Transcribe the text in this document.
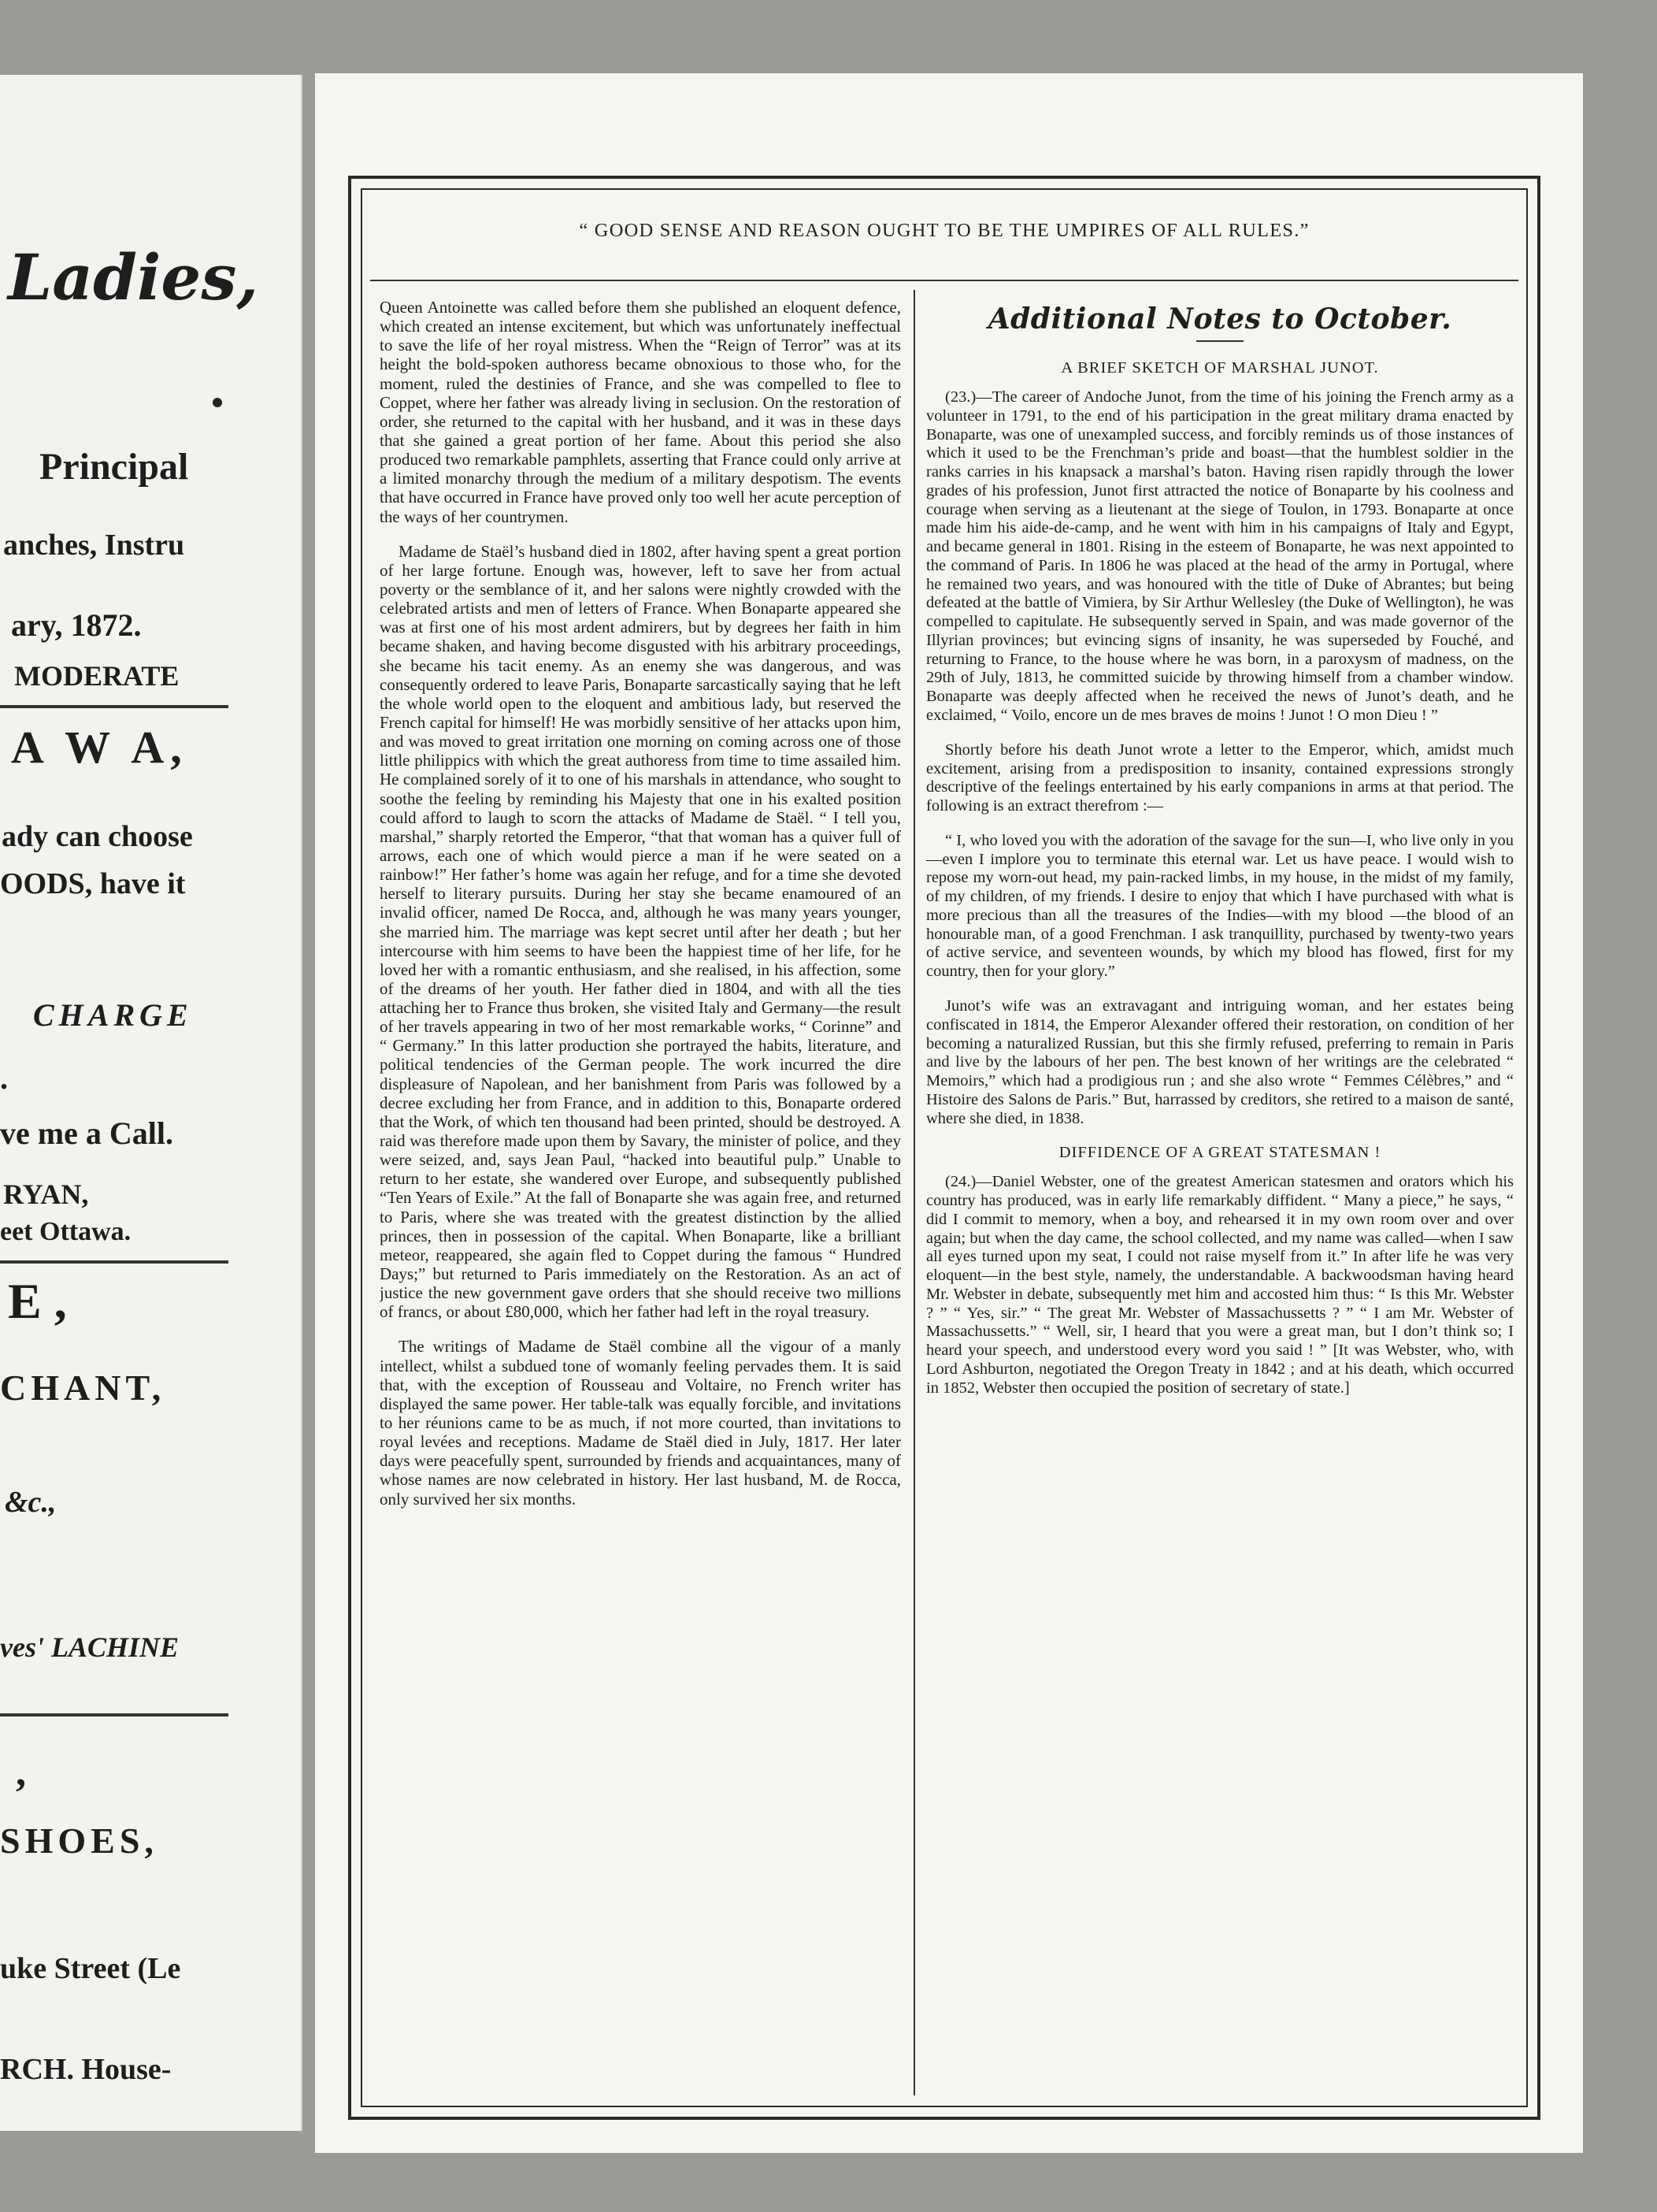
Ladies,
Principal
anches, Instru
ary, 1872.
MODERATE
A W A,
ady can choose
OODS, have it
CHARGE
.
ve me a Call.
RYAN,
eet Ottawa.
E ,
CHANT,
&c.,
ves' LACHINE
,
SHOES,
uke Street (Le
RCH. House-
“ GOOD SENSE AND REASON OUGHT TO BE THE UMPIRES OF ALL RULES.”

Queen Antoinette was called before them she published an eloquent defence, which created an intense excitement, but which was unfortunately ineffectual to save the life of her royal mistress. When the “Reign of Terror” was at its height the bold-spoken authoress became obnoxious to those who, for the moment, ruled the destinies of France, and she was compelled to flee to Coppet, where her father was already living in seclusion. On the restoration of order, she returned to the capital with her husband, and it was in these days that she gained a great portion of her fame. About this period she also produced two remarkable pamphlets, asserting that France could only arrive at a limited monarchy through the medium of a military despotism. The events that have occurred in France have proved only too well her acute perception of the ways of her countrymen.

Madame de Staël’s husband died in 1802, after having spent a great portion of her large fortune. Enough was, however, left to save her from actual poverty or the semblance of it, and her salons were nightly crowded with the celebrated artists and men of letters of France. When Bonaparte appeared she was at first one of his most ardent admirers, but by degrees her faith in him became shaken, and having become disgusted with his arbitrary proceedings, she became his tacit enemy. As an enemy she was dangerous, and was consequently ordered to leave Paris, Bonaparte sarcastically saying that he left the whole world open to the eloquent and ambitious lady, but reserved the French capital for himself! He was morbidly sensitive of her attacks upon him, and was moved to great irritation one morning on coming across one of those little philippics with which the great authoress from time to time assailed him. He complained sorely of it to one of his marshals in attendance, who sought to soothe the feeling by reminding his Majesty that one in his exalted position could afford to laugh to scorn the attacks of Madame de Staël. “ I tell you, marshal,” sharply retorted the Emperor, “that that woman has a quiver full of arrows, each one of which would pierce a man if he were seated on a rainbow!” Her father’s home was again her refuge, and for a time she devoted herself to literary pursuits. During her stay she became enamoured of an invalid officer, named De Rocca, and, although he was many years younger, she married him. The marriage was kept secret until after her death ; but her intercourse with him seems to have been the happiest time of her life, for he loved her with a romantic enthusiasm, and she realised, in his affection, some of the dreams of her youth. Her father died in 1804, and with all the ties attaching her to France thus broken, she visited Italy and Germany—the result of her travels appearing in two of her most remarkable works, “ Corinne” and “ Germany.” In this latter production she portrayed the habits, literature, and political tendencies of the German people. The work incurred the dire displeasure of Napolean, and her banishment from Paris was followed by a decree excluding her from France, and in addition to this, Bonaparte ordered that the Work, of which ten thousand had been printed, should be destroyed. A raid was therefore made upon them by Savary, the minister of police, and they were seized, and, says Jean Paul, “hacked into beautiful pulp.” Unable to return to her estate, she wandered over Europe, and subsequently published “Ten Years of Exile.” At the fall of Bonaparte she was again free, and returned to Paris, where she was treated with the greatest distinction by the allied princes, then in possession of the capital. When Bonaparte, like a brilliant meteor, reappeared, she again fled to Coppet during the famous “ Hundred Days;” but returned to Paris immediately on the Restoration. As an act of justice the new government gave orders that she should receive two millions of francs, or about £80,000, which her father had left in the royal treasury.

The writings of Madame de Staël combine all the vigour of a manly intellect, whilst a subdued tone of womanly feeling pervades them. It is said that, with the exception of Rousseau and Voltaire, no French writer has displayed the same power. Her table-talk was equally forcible, and invitations to her réunions came to be as much, if not more courted, than invitations to royal levées and receptions. Madame de Staël died in July, 1817. Her later days were peacefully spent, surrounded by friends and acquaintances, many of whose names are now celebrated in history. Her last husband, M. de Rocca, only survived her six months.

Additional Notes to October.
A BRIEF SKETCH OF MARSHAL JUNOT.

(23.)—The career of Andoche Junot, from the time of his joining the French army as a volunteer in 1791, to the end of his participation in the great military drama enacted by Bonaparte, was one of unexampled success, and forcibly reminds us of those instances of which it used to be the Frenchman’s pride and boast—that the humblest soldier in the ranks carries in his knapsack a marshal’s baton. Having risen rapidly through the lower grades of his profession, Junot first attracted the notice of Bonaparte by his coolness and courage when serving as a lieutenant at the siege of Toulon, in 1793. Bonaparte at once made him his aide-de-camp, and he went with him in his campaigns of Italy and Egypt, and became general in 1801. Rising in the esteem of Bonaparte, he was next appointed to the command of Paris. In 1806 he was placed at the head of the army in Portugal, where he remained two years, and was honoured with the title of Duke of Abrantes; but being defeated at the battle of Vimiera, by Sir Arthur Wellesley (the Duke of Wellington), he was compelled to capitulate. He subsequently served in Spain, and was made governor of the Illyrian provinces; but evincing signs of insanity, he was superseded by Fouché, and returning to France, to the house where he was born, in a paroxysm of madness, on the 29th of July, 1813, he committed suicide by throwing himself from a chamber window. Bonaparte was deeply affected when he received the news of Junot’s death, and he exclaimed, “ Voilo, encore un de mes braves de moins ! Junot ! O mon Dieu ! ”

Shortly before his death Junot wrote a letter to the Emperor, which, amidst much excitement, arising from a predisposition to insanity, contained expressions strongly descriptive of the feelings entertained by his early companions in arms at that period. The following is an extract therefrom :—

“ I, who loved you with the adoration of the savage for the sun—I, who live only in you—even I implore you to terminate this eternal war. Let us have peace. I would wish to repose my worn-out head, my pain-racked limbs, in my house, in the midst of my family, of my children, of my friends. I desire to enjoy that which I have purchased with what is more precious than all the treasures of the Indies—with my blood —the blood of an honourable man, of a good Frenchman. I ask tranquillity, purchased by twenty-two years of active service, and seventeen wounds, by which my blood has flowed, first for my country, then for your glory.”

Junot’s wife was an extravagant and intriguing woman, and her estates being confiscated in 1814, the Emperor Alexander offered their restoration, on condition of her becoming a naturalized Russian, but this she firmly refused, preferring to remain in Paris and live by the labours of her pen. The best known of her writings are the celebrated “ Memoirs,” which had a prodigious run ; and she also wrote “ Femmes Célèbres,” and “ Histoire des Salons de Paris.” But, harrassed by creditors, she retired to a maison de santé, where she died, in 1838.

DIFFIDENCE OF A GREAT STATESMAN !

(24.)—Daniel Webster, one of the greatest American statesmen and orators which his country has produced, was in early life remarkably diffident. “ Many a piece,” he says, “ did I commit to memory, when a boy, and rehearsed it in my own room over and over again; but when the day came, the school collected, and my name was called—when I saw all eyes turned upon my seat, I could not raise myself from it.” In after life he was very eloquent—in the best style, namely, the understandable. A backwoodsman having heard Mr. Webster in debate, subsequently met him and accosted him thus: “ Is this Mr. Webster ? ” “ Yes, sir.” “ The great Mr. Webster of Massachussetts ? ” “ I am Mr. Webster of Massachussetts.” “ Well, sir, I heard that you were a great man, but I don’t think so; I heard your speech, and understood every word you said ! ” [It was Webster, who, with Lord Ashburton, negotiated the Oregon Treaty in 1842 ; and at his death, which occurred in 1852, Webster then occupied the position of secretary of state.]
